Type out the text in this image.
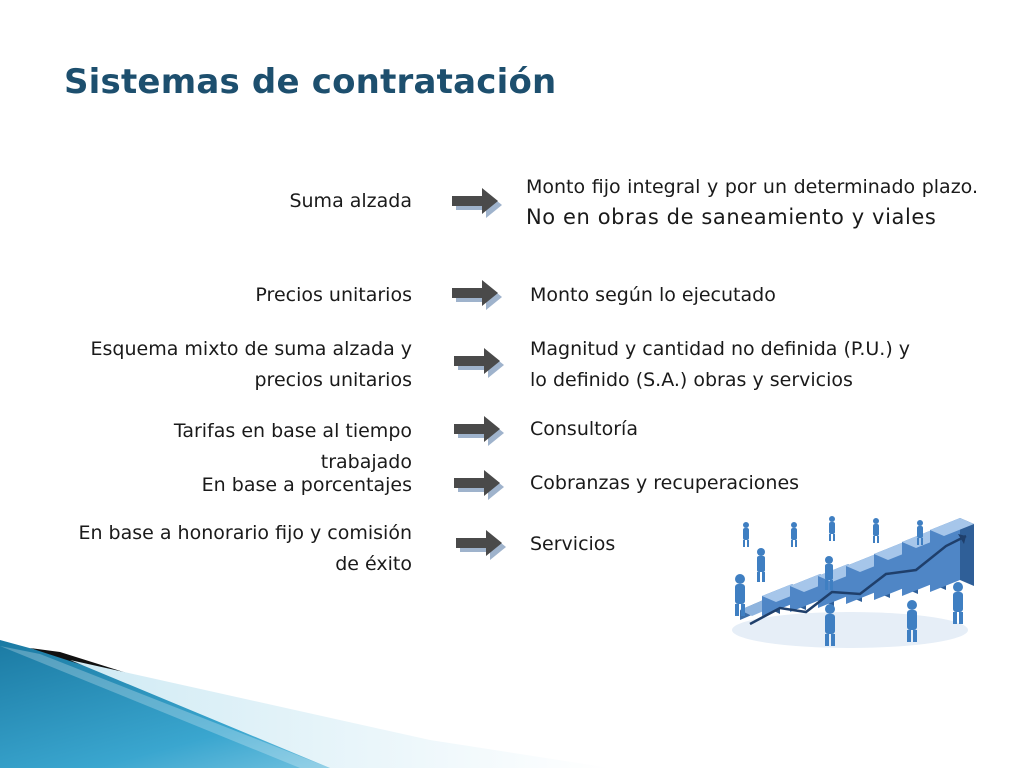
Sistemas de contratación
Suma alzada
Monto fijo integral y por un determinado plazo. No en obras de saneamiento y viales
Precios unitarios	Monto según lo ejecutado
Esquema mixto de suma alzada y
precios unitarios
Magnitud y cantidad no definida (P.U.) y
lo definido (S.A.) obras y servicios
Tarifas en base al tiempo
trabajado
Consultoría
En base a porcentajes	Cobranzas y recuperaciones
En base a honorario fijo y comisión
de éxito
Servicios
